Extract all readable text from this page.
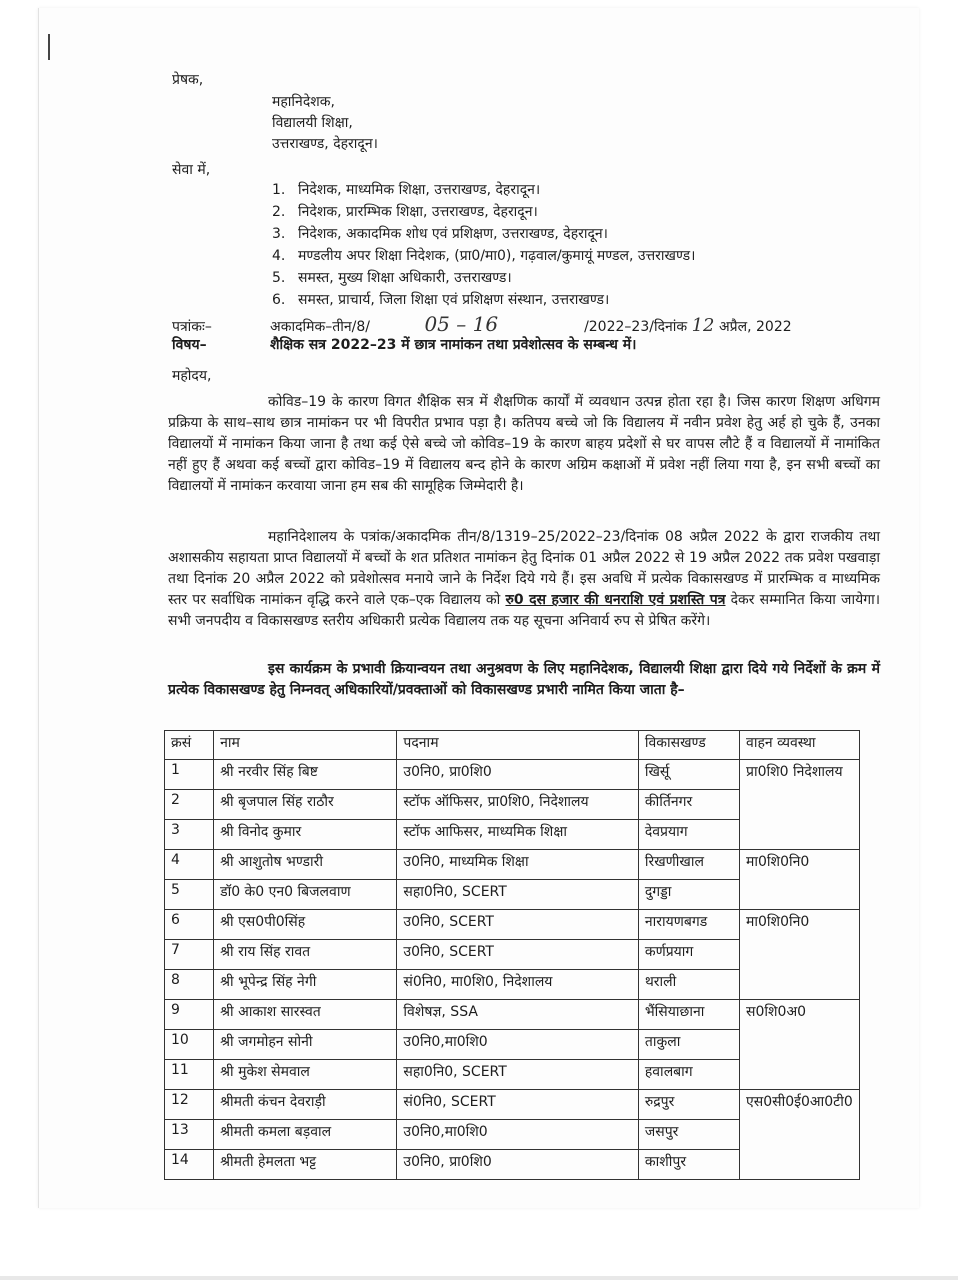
प्रेषक,
महानिदेशक,
विद्यालयी शिक्षा,
उत्तराखण्ड, देहरादून।
सेवा में,
1. निदेशक, माध्यमिक शिक्षा, उत्तराखण्ड, देहरादून।
2. निदेशक, प्रारम्भिक शिक्षा, उत्तराखण्ड, देहरादून।
3. निदेशक, अकादमिक शोध एवं प्रशिक्षण, उत्तराखण्ड, देहरादून।
4. मण्डलीय अपर शिक्षा निदेशक, (प्रा0/मा0), गढ़वाल/कुमायूं मण्डल, उत्तराखण्ड।
5. समस्त, मुख्य शिक्षा अधिकारी, उत्तराखण्ड।
6. समस्त, प्राचार्य, जिला शिक्षा एवं प्रशिक्षण संस्थान, उत्तराखण्ड।
पत्रांकः–	अकादमिक–तीन/8/	05 – 16	/2022–23/दिनांक 12 अप्रैल, 2022
विषय–	शैक्षिक सत्र 2022–23 में छात्र नामांकन तथा प्रवेशोत्सव के सम्बन्ध में।
महोदय,
कोविड–19 के कारण विगत शैक्षिक सत्र में शैक्षणिक कार्यों में व्यवधान उत्पन्न होता रहा है। जिस कारण शिक्षण अधिगम प्रक्रिया के साथ–साथ छात्र नामांकन पर भी विपरीत प्रभाव पड़ा है। कतिपय बच्चे जो कि विद्यालय में नवीन प्रवेश हेतु अर्ह हो चुके हैं, उनका विद्यालयों में नामांकन किया जाना है तथा कई ऐसे बच्चे जो कोविड–19 के कारण बाहय प्रदेशों से घर वापस लौटे हैं व विद्यालयों में नामांकित नहीं हुए हैं अथवा कई बच्चों द्वारा कोविड–19 में विद्यालय बन्द होने के कारण अग्रिम कक्षाओं में प्रवेश नहीं लिया गया है, इन सभी बच्चों का विद्यालयों में नामांकन करवाया जाना हम सब की सामूहिक जिम्मेदारी है।
महानिदेशालय के पत्रांक/अकादमिक तीन/8/1319–25/2022–23/दिनांक 08 अप्रैल 2022 के द्वारा राजकीय तथा अशासकीय सहायता प्राप्त विद्यालयों में बच्चों के शत प्रतिशत नामांकन हेतु दिनांक 01 अप्रैल 2022 से 19 अप्रैल 2022 तक प्रवेश पखवाड़ा तथा दिनांक 20 अप्रैल 2022 को प्रवेशोत्सव मनाये जाने के निर्देश दिये गये हैं। इस अवधि में प्रत्येक विकासखण्ड में प्रारम्भिक व माध्यमिक स्तर पर सर्वाधिक नामांकन वृद्धि करने वाले एक–एक विद्यालय को रु0 दस हजार की धनराशि एवं प्रशस्ति पत्र देकर सम्मानित किया जायेगा। सभी जनपदीय व विकासखण्ड स्तरीय अधिकारी प्रत्येक विद्यालय तक यह सूचना अनिवार्य रुप से प्रेषित करेंगे।
इस कार्यक्रम के प्रभावी क्रियान्वयन तथा अनुश्रवण के लिए महानिदेशक, विद्यालयी शिक्षा द्वारा दिये गये निर्देशों के क्रम में प्रत्येक विकासखण्ड हेतु निम्नवत् अधिकारियों/प्रवक्ताओं को विकासखण्ड प्रभारी नामित किया जाता है–
क्रसं	नाम	पदनाम	विकासखण्ड	वाहन व्यवस्था
1	श्री नरवीर सिंह बिष्ट	उ0नि0, प्रा0शि0	खिर्सू	प्रा0शि0 निदेशालय
2	श्री बृजपाल सिंह राठौर	स्टॉफ ऑफिसर, प्रा0शि0, निदेशालय	कीर्तिनगर	
3	श्री विनोद कुमार	स्टॉफ आफिसर, माध्यमिक शिक्षा	देवप्रयाग	
4	श्री आशुतोष भण्डारी	उ0नि0, माध्यमिक शिक्षा	रिखणीखाल	मा0शि0नि0
5	डॉ0 के0 एन0 बिजलवाण	सहा0नि0, SCERT	दुगड्डा	
6	श्री एस0पी0सिंह	उ0नि0, SCERT	नारायणबगड	मा0शि0नि0
7	श्री राय सिंह रावत	उ0नि0, SCERT	कर्णप्रयाग	
8	श्री भूपेन्द्र सिंह नेगी	सं0नि0, मा0शि0, निदेशालय	थराली	
9	श्री आकाश सारस्वत	विशेषज्ञ, SSA	भैंसियाछाना	स0शि0अ0
10	श्री जगमोहन सोनी	उ0नि0,मा0शि0	ताकुला	
11	श्री मुकेश सेमवाल	सहा0नि0, SCERT	हवालबाग	
12	श्रीमती कंचन देवराड़ी	सं0नि0, SCERT	रुद्रपुर	एस0सी0ई0आ0टी0
13	श्रीमती कमला बड़वाल	उ0नि0,मा0शि0	जसपुर	
14	श्रीमती हेमलता भट्ट	उ0नि0, प्रा0शि0	काशीपुर	
